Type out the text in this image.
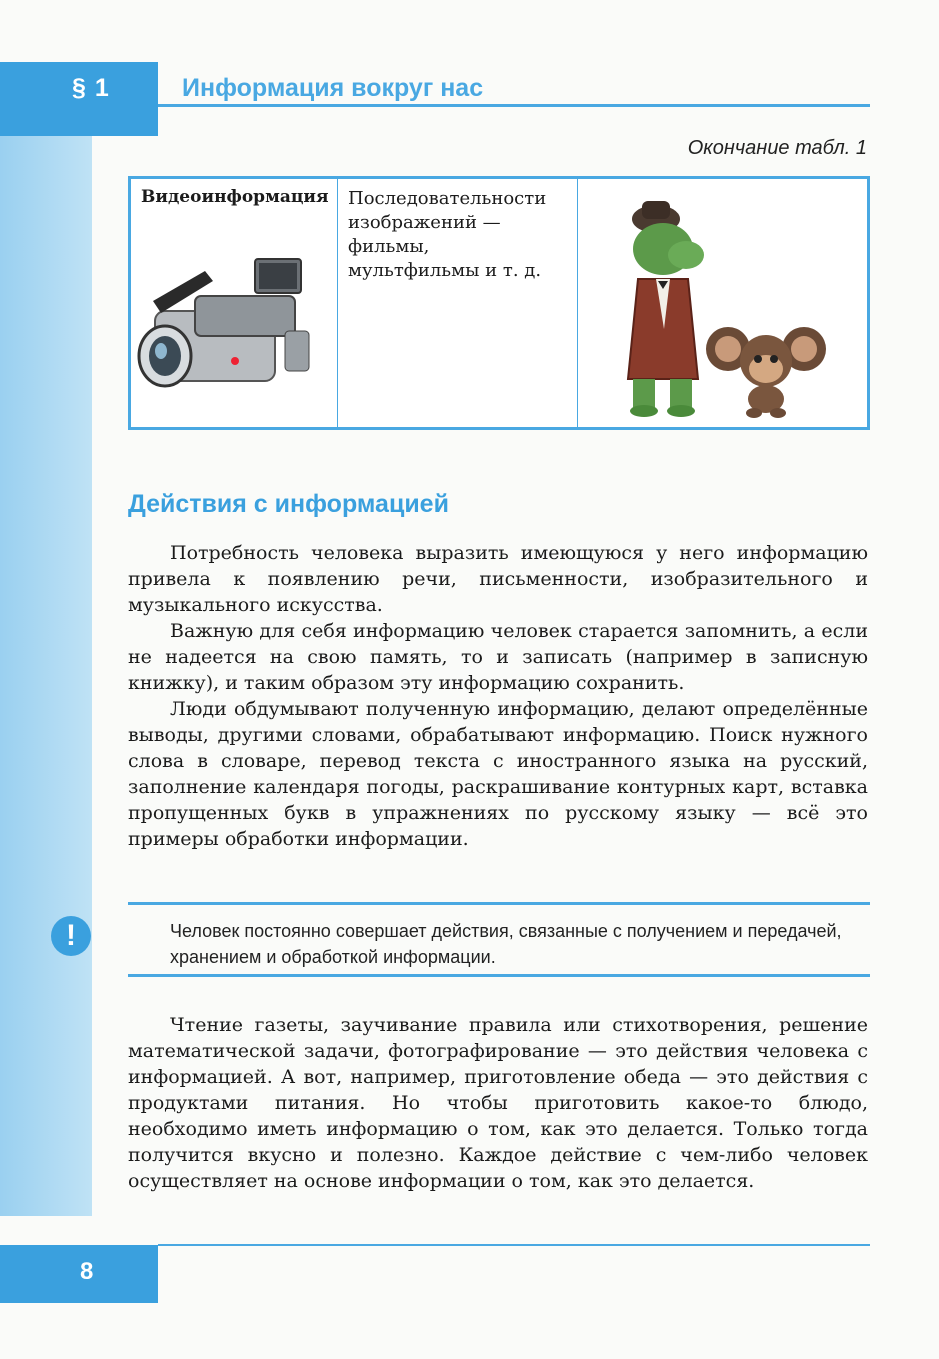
§ 1	Информация вокруг нас
Окончание табл. 1
Видеоинформация Последовательности изображений — фильмы, мультфильмы и т. д.
Действия с информацией

Потребность человека выразить имеющуюся у него информацию привела к появлению речи, письменности, изобразительного и музыкального искусства.

Важную для себя информацию человек старается запомнить, а если не надеется на свою память, то и записать (например в записную книжку), и таким образом эту информацию сохранить.

Люди обдумывают полученную информацию, делают определённые выводы, другими словами, обрабатывают информацию. Поиск нужного слова в словаре, перевод текста с иностранного языка на русский, заполнение календаря погоды, раскрашивание контурных карт, вставка пропущенных букв в упражнениях по русскому языку — всё это примеры обработки информации.

!	Человек постоянно совершает действия, связанные с получением и передачей, хранением и обработкой информации.

Чтение газеты, заучивание правила или стихотворения, решение математической задачи, фотографирование — это действия человека с информацией. А вот, например, приготовление обеда — это действия с продуктами питания. Но чтобы приготовить какое-то блюдо, необходимо иметь информацию о том, как это делается. Только тогда получится вкусно и полезно. Каждое действие с чем-либо человек осуществляет на основе информации о том, как это делается.

8
